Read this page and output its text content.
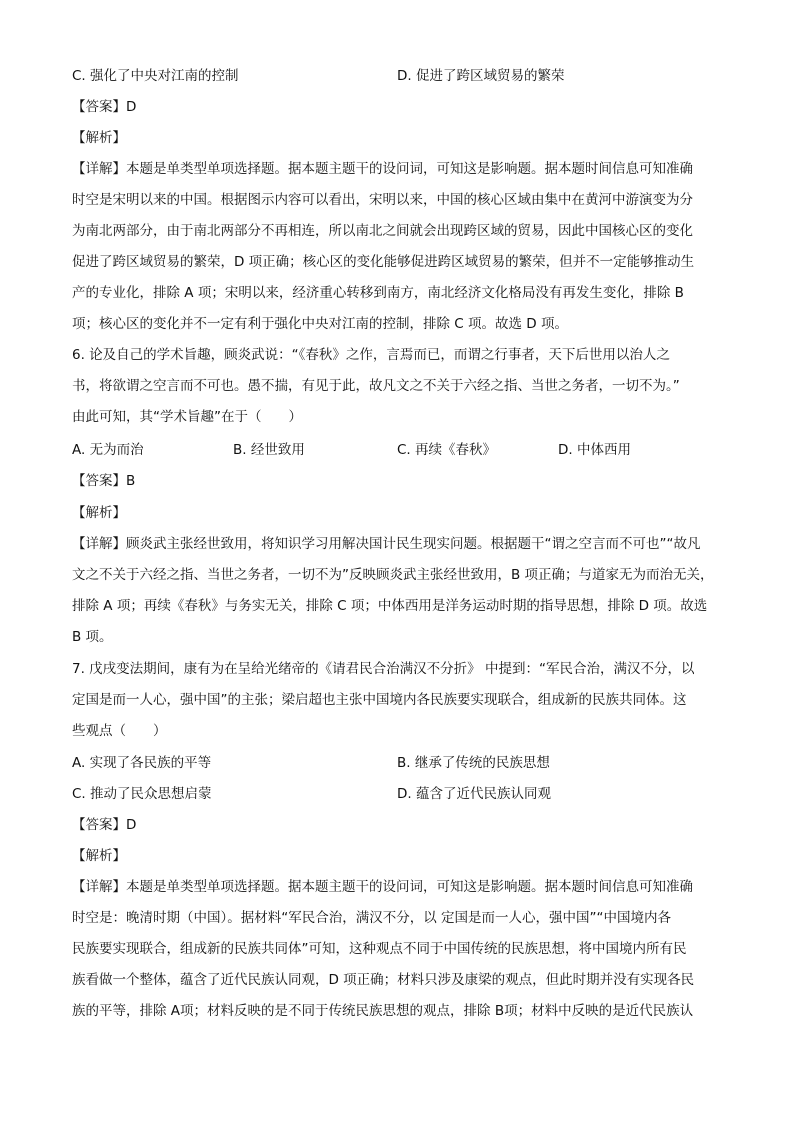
C. 强化了中央对江南的控制	D. 促进了跨区域贸易的繁荣
【答案】D
【解析】
【详解】本题是单类型单项选择题。据本题主题干的设问词，可知这是影响题。据本题时间信息可知准确
时空是宋明以来的中国。根据图示内容可以看出，宋明以来，中国的核心区域由集中在黄河中游演变为分
为南北两部分，由于南北两部分不再相连，所以南北之间就会出现跨区域的贸易，因此中国核心区的变化
促进了跨区域贸易的繁荣，D 项正确；核心区的变化能够促进跨区域贸易的繁荣，但并不一定能够推动生
产的专业化，排除 A 项；宋明以来，经济重心转移到南方，南北经济文化格局没有再发生变化，排除 B
项；核心区的变化并不一定有利于强化中央对江南的控制，排除 C 项。故选 D 项。
6. 论及自己的学术旨趣，顾炎武说：“《春秋》之作，言焉而已，而谓之行事者，天下后世用以治人之
书，将欲谓之空言而不可也。愚不揣，有见于此，故凡文之不关于六经之指、当世之务者，一切不为。”
由此可知，其“学术旨趣”在于（　　）
A. 无为而治	B. 经世致用	C. 再续《春秋》	D. 中体西用
【答案】B
【解析】
【详解】顾炎武主张经世致用，将知识学习用解决国计民生现实问题。根据题干“谓之空言而不可也”“故凡
文之不关于六经之指、当世之务者，一切不为”反映顾炎武主张经世致用，B 项正确；与道家无为而治无关，
排除 A 项；再续《春秋》与务实无关，排除 C 项；中体西用是洋务运动时期的指导思想，排除 D 项。故选
B 项。
7. 戊戌变法期间，康有为在呈给光绪帝的《请君民合治满汉不分折》 中提到：“军民合治，满汉不分，以
定国是而一人心，强中国”的主张；梁启超也主张中国境内各民族要实现联合，组成新的民族共同体。这
些观点（　　）
A. 实现了各民族的平等	B. 继承了传统的民族思想
C. 推动了民众思想启蒙	D. 蕴含了近代民族认同观
【答案】D
【解析】
【详解】本题是单类型单项选择题。据本题主题干的设问词，可知这是影响题。据本题时间信息可知准确
时空是：晚清时期（中国）。据材料“军民合治，满汉不分，以 定国是而一人心，强中国”“中国境内各
民族要实现联合，组成新的民族共同体”可知，这种观点不同于中国传统的民族思想，将中国境内所有民
族看做一个整体，蕴含了近代民族认同观，D 项正确；材料只涉及康梁的观点，但此时期并没有实现各民
族的平等，排除 A项；材料反映的是不同于传统民族思想的观点，排除 B项；材料中反映的是近代民族认
